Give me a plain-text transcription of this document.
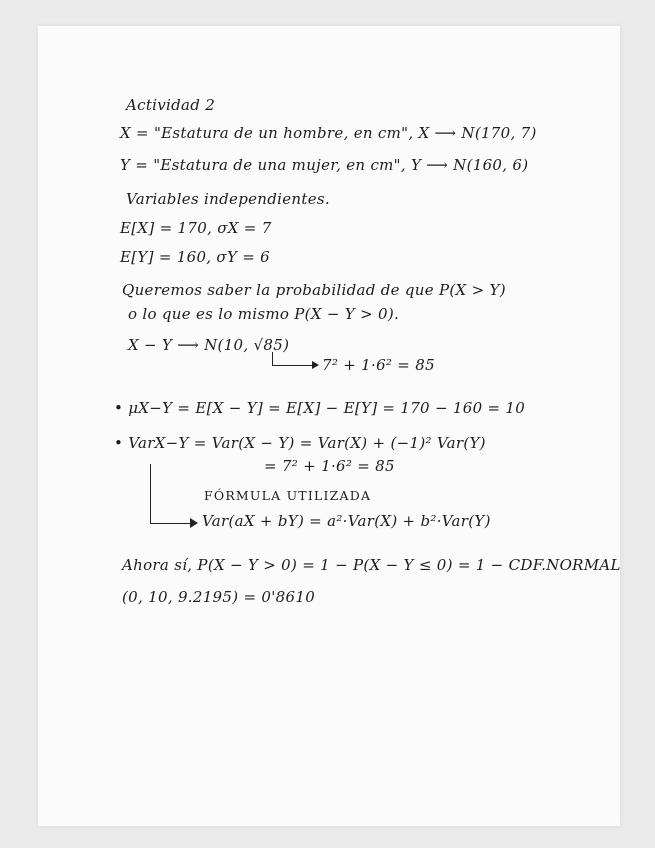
Actividad 2
X = "Estatura de un hombre, en cm", X ⟶ N(170, 7)
Y = "Estatura de una mujer, en cm", Y ⟶ N(160, 6)
Variables independientes.
E[X] = 170, σX = 7
E[Y] = 160, σY = 6
Queremos saber la probabilidad de que P(X > Y)
o lo que es lo mismo P(X − Y > 0).
X − Y ⟶ N(10, √85)
7² + 1·6² = 85
• μX−Y = E[X − Y] = E[X] − E[Y] = 170 − 160 = 10
• VarX−Y = Var(X − Y) = Var(X) + (−1)² Var(Y)
= 7² + 1·6² = 85
FÓRMULA UTILIZADA
Var(aX + bY) = a²·Var(X) + b²·Var(Y)
Ahora sí, P(X − Y > 0) = 1 − P(X − Y ≤ 0) = 1 − CDF.NORMAL
(0, 10, 9.2195) = 0'8610
